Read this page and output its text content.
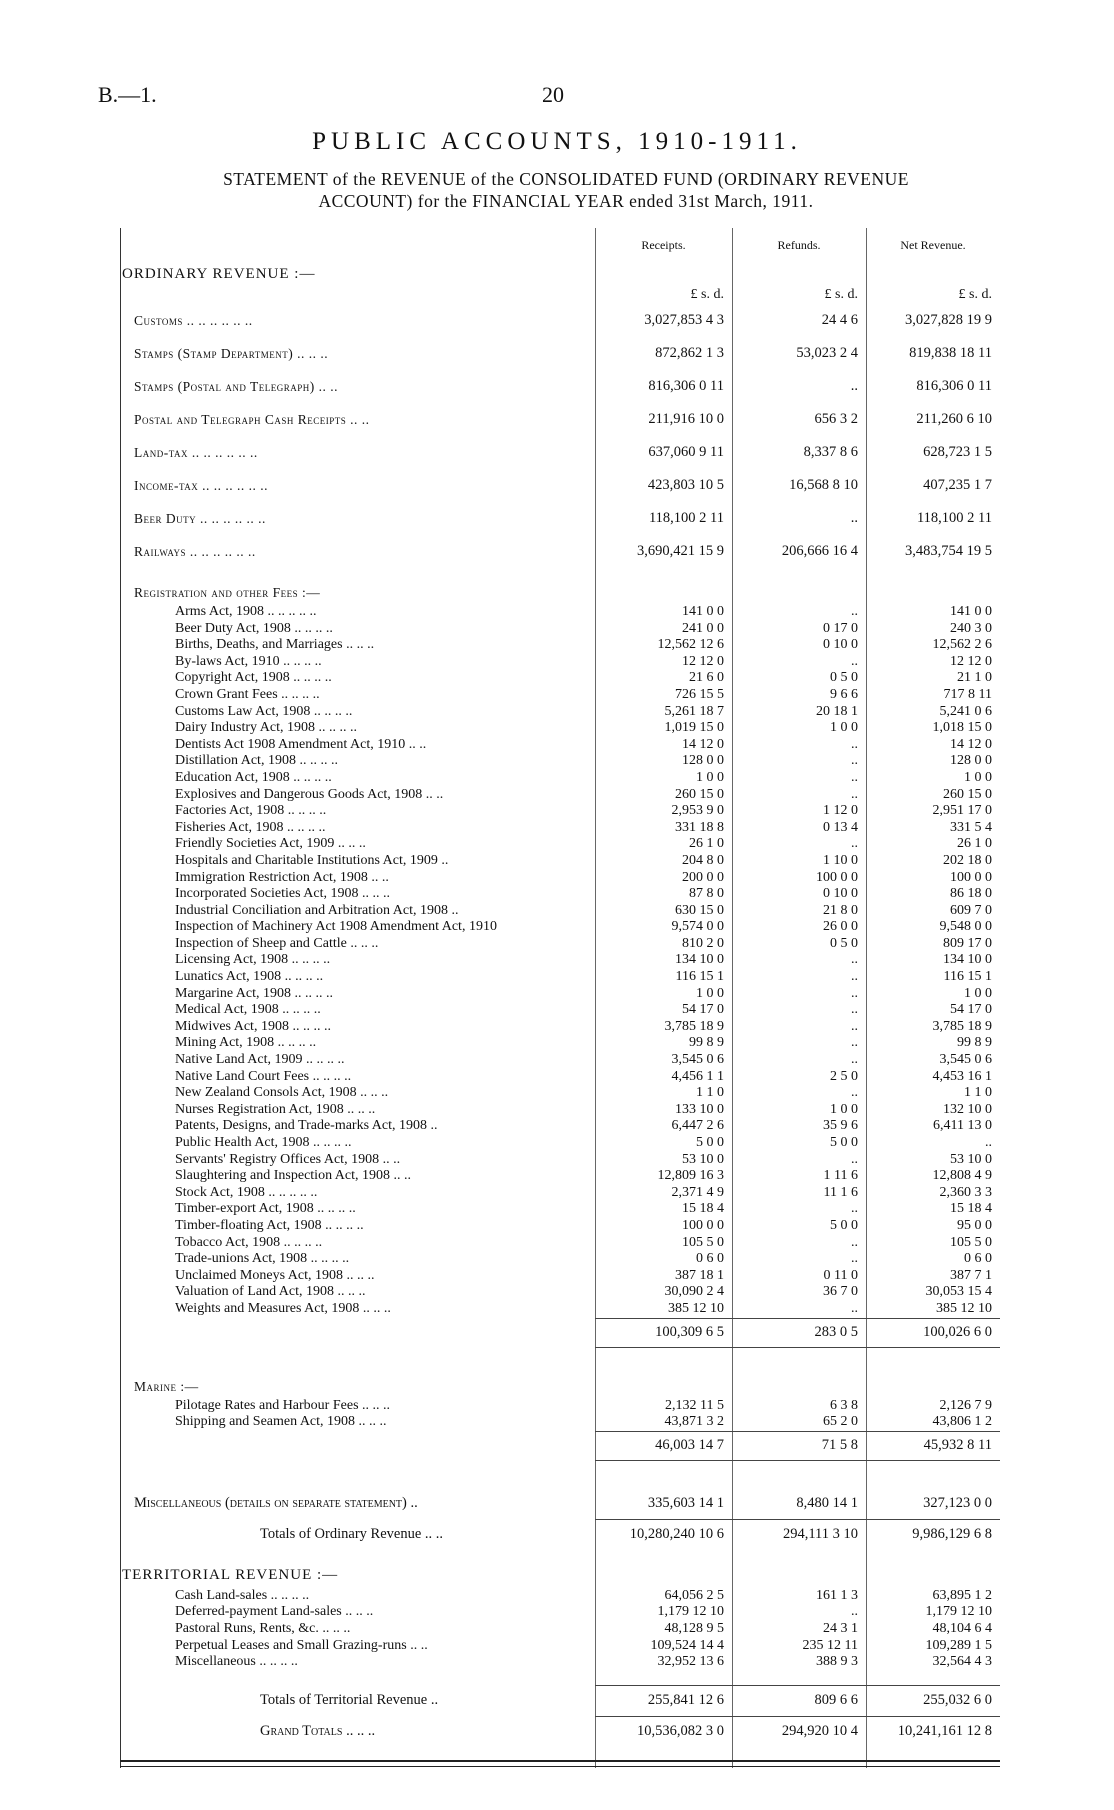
B.—1.	20
PUBLIC ACCOUNTS, 1910-1911.
STATEMENT of the REVENUE of the CONSOLIDATED FUND (ORDINARY REVENUE
ACCOUNT) for the FINANCIAL YEAR ended 31st March, 1911.
	Receipts.	Refunds.	Net Revenue.
ORDINARY REVENUE :—			
	£ s. d.	£ s. d.	£ s. d.
Customs .. .. .. .. .. ..	3,027,853 4 3	24 4 6	3,027,828 19 9
Stamps (Stamp Department) .. .. ..	872,862 1 3	53,023 2 4	819,838 18 11
Stamps (Postal and Telegraph) .. ..	816,306 0 11	..	816,306 0 11
Postal and Telegraph Cash Receipts .. ..	211,916 10 0	656 3 2	211,260 6 10
Land-tax .. .. .. .. .. ..	637,060 9 11	8,337 8 6	628,723 1 5
Income-tax .. .. .. .. .. ..	423,803 10 5	16,568 8 10	407,235 1 7
Beer Duty .. .. .. .. .. ..	118,100 2 11	..	118,100 2 11
Railways .. .. .. .. .. ..	3,690,421 15 9	206,666 16 4	3,483,754 19 5

Registration and other Fees :—			
Arms Act, 1908 .. .. .. .. ..	141 0 0	..	141 0 0
Beer Duty Act, 1908 .. .. .. ..	241 0 0	0 17 0	240 3 0
Births, Deaths, and Marriages .. .. ..	12,562 12 6	0 10 0	12,562 2 6
By-laws Act, 1910 .. .. .. ..	12 12 0	..	12 12 0
Copyright Act, 1908 .. .. .. ..	21 6 0	0 5 0	21 1 0
Crown Grant Fees .. .. .. ..	726 15 5	9 6 6	717 8 11
Customs Law Act, 1908 .. .. .. ..	5,261 18 7	20 18 1	5,241 0 6
Dairy Industry Act, 1908 .. .. .. ..	1,019 15 0	1 0 0	1,018 15 0
Dentists Act 1908 Amendment Act, 1910 .. ..	14 12 0	..	14 12 0
Distillation Act, 1908 .. .. .. ..	128 0 0	..	128 0 0
Education Act, 1908 .. .. .. ..	1 0 0	..	1 0 0
Explosives and Dangerous Goods Act, 1908 .. ..	260 15 0	..	260 15 0
Factories Act, 1908 .. .. .. ..	2,953 9 0	1 12 0	2,951 17 0
Fisheries Act, 1908 .. .. .. ..	331 18 8	0 13 4	331 5 4
Friendly Societies Act, 1909 .. .. ..	26 1 0	..	26 1 0
Hospitals and Charitable Institutions Act, 1909 ..	204 8 0	1 10 0	202 18 0
Immigration Restriction Act, 1908 .. ..	200 0 0	100 0 0	100 0 0
Incorporated Societies Act, 1908 .. .. ..	87 8 0	0 10 0	86 18 0
Industrial Conciliation and Arbitration Act, 1908 ..	630 15 0	21 8 0	609 7 0
Inspection of Machinery Act 1908 Amendment Act, 1910	9,574 0 0	26 0 0	9,548 0 0
Inspection of Sheep and Cattle .. .. ..	810 2 0	0 5 0	809 17 0
Licensing Act, 1908 .. .. .. ..	134 10 0	..	134 10 0
Lunatics Act, 1908 .. .. .. ..	116 15 1	..	116 15 1
Margarine Act, 1908 .. .. .. ..	1 0 0	..	1 0 0
Medical Act, 1908 .. .. .. ..	54 17 0	..	54 17 0
Midwives Act, 1908 .. .. .. ..	3,785 18 9	..	3,785 18 9
Mining Act, 1908 .. .. .. ..	99 8 9	..	99 8 9
Native Land Act, 1909 .. .. .. ..	3,545 0 6	..	3,545 0 6
Native Land Court Fees .. .. .. ..	4,456 1 1	2 5 0	4,453 16 1
New Zealand Consols Act, 1908 .. .. ..	1 1 0	..	1 1 0
Nurses Registration Act, 1908 .. .. ..	133 10 0	1 0 0	132 10 0
Patents, Designs, and Trade-marks Act, 1908 ..	6,447 2 6	35 9 6	6,411 13 0
Public Health Act, 1908 .. .. .. ..	5 0 0	5 0 0	..
Servants' Registry Offices Act, 1908 .. ..	53 10 0	..	53 10 0
Slaughtering and Inspection Act, 1908 .. ..	12,809 16 3	1 11 6	12,808 4 9
Stock Act, 1908 .. .. .. .. ..	2,371 4 9	11 1 6	2,360 3 3
Timber-export Act, 1908 .. .. .. ..	15 18 4	..	15 18 4
Timber-floating Act, 1908 .. .. .. ..	100 0 0	5 0 0	95 0 0
Tobacco Act, 1908 .. .. .. ..	105 5 0	..	105 5 0
Trade-unions Act, 1908 .. .. .. ..	0 6 0	..	0 6 0
Unclaimed Moneys Act, 1908 .. .. ..	387 18 1	0 11 0	387 7 1
Valuation of Land Act, 1908 .. .. ..	30,090 2 4	36 7 0	30,053 15 4
Weights and Measures Act, 1908 .. .. ..	385 12 10	..	385 12 10
	100,309 6 5	283 0 5	100,026 6 0

Marine :—			
Pilotage Rates and Harbour Fees .. .. ..	2,132 11 5	6 3 8	2,126 7 9
Shipping and Seamen Act, 1908 .. .. ..	43,871 3 2	65 2 0	43,806 1 2
	46,003 14 7	71 5 8	45,932 8 11

Miscellaneous (details on separate statement) ..	335,603 14 1	8,480 14 1	327,123 0 0
Totals of Ordinary Revenue .. ..	10,280,240 10 6	294,111 3 10	9,986,129 6 8

TERRITORIAL REVENUE :—			
Cash Land-sales .. .. .. ..	64,056 2 5	161 1 3	63,895 1 2
Deferred-payment Land-sales .. .. ..	1,179 12 10	..	1,179 12 10
Pastoral Runs, Rents, &c. .. .. ..	48,128 9 5	24 3 1	48,104 6 4
Perpetual Leases and Small Grazing-runs .. ..	109,524 14 4	235 12 11	109,289 1 5
Miscellaneous .. .. .. ..	32,952 13 6	388 9 3	32,564 4 3

Totals of Territorial Revenue ..	255,841 12 6	809 6 6	255,032 6 0
Grand Totals .. .. ..	10,536,082 3 0	294,920 10 4	10,241,161 12 8
